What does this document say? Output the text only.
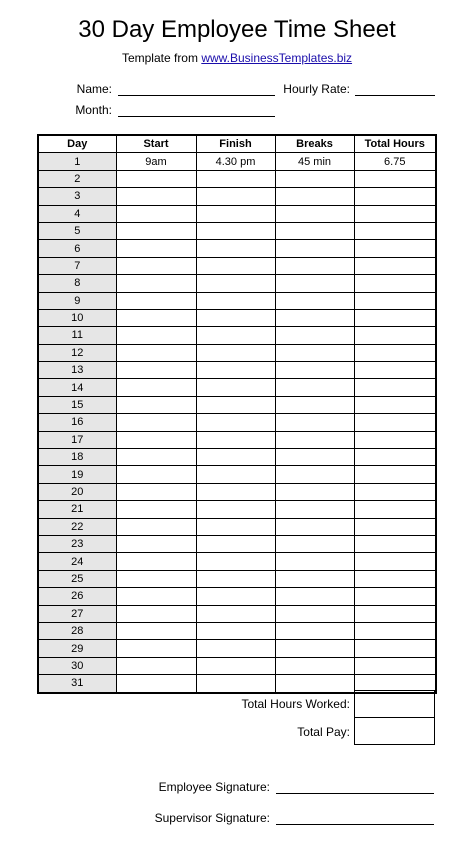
30 Day Employee Time Sheet
Template from www.BusinessTemplates.biz
Name:	Hourly Rate:
Month:
Day	Start	Finish	Breaks	Total Hours
1	9am	4.30 pm	45 min	6.75
2				
3				
4				
5				
6				
7				
8				
9				
10				
11				
12				
13				
14				
15				
16				
17				
18				
19				
20				
21				
22				
23				
24				
25				
26				
27				
28				
29				
30				
31				
Total Hours Worked:
Total Pay:
Employee Signature:
Supervisor Signature:
